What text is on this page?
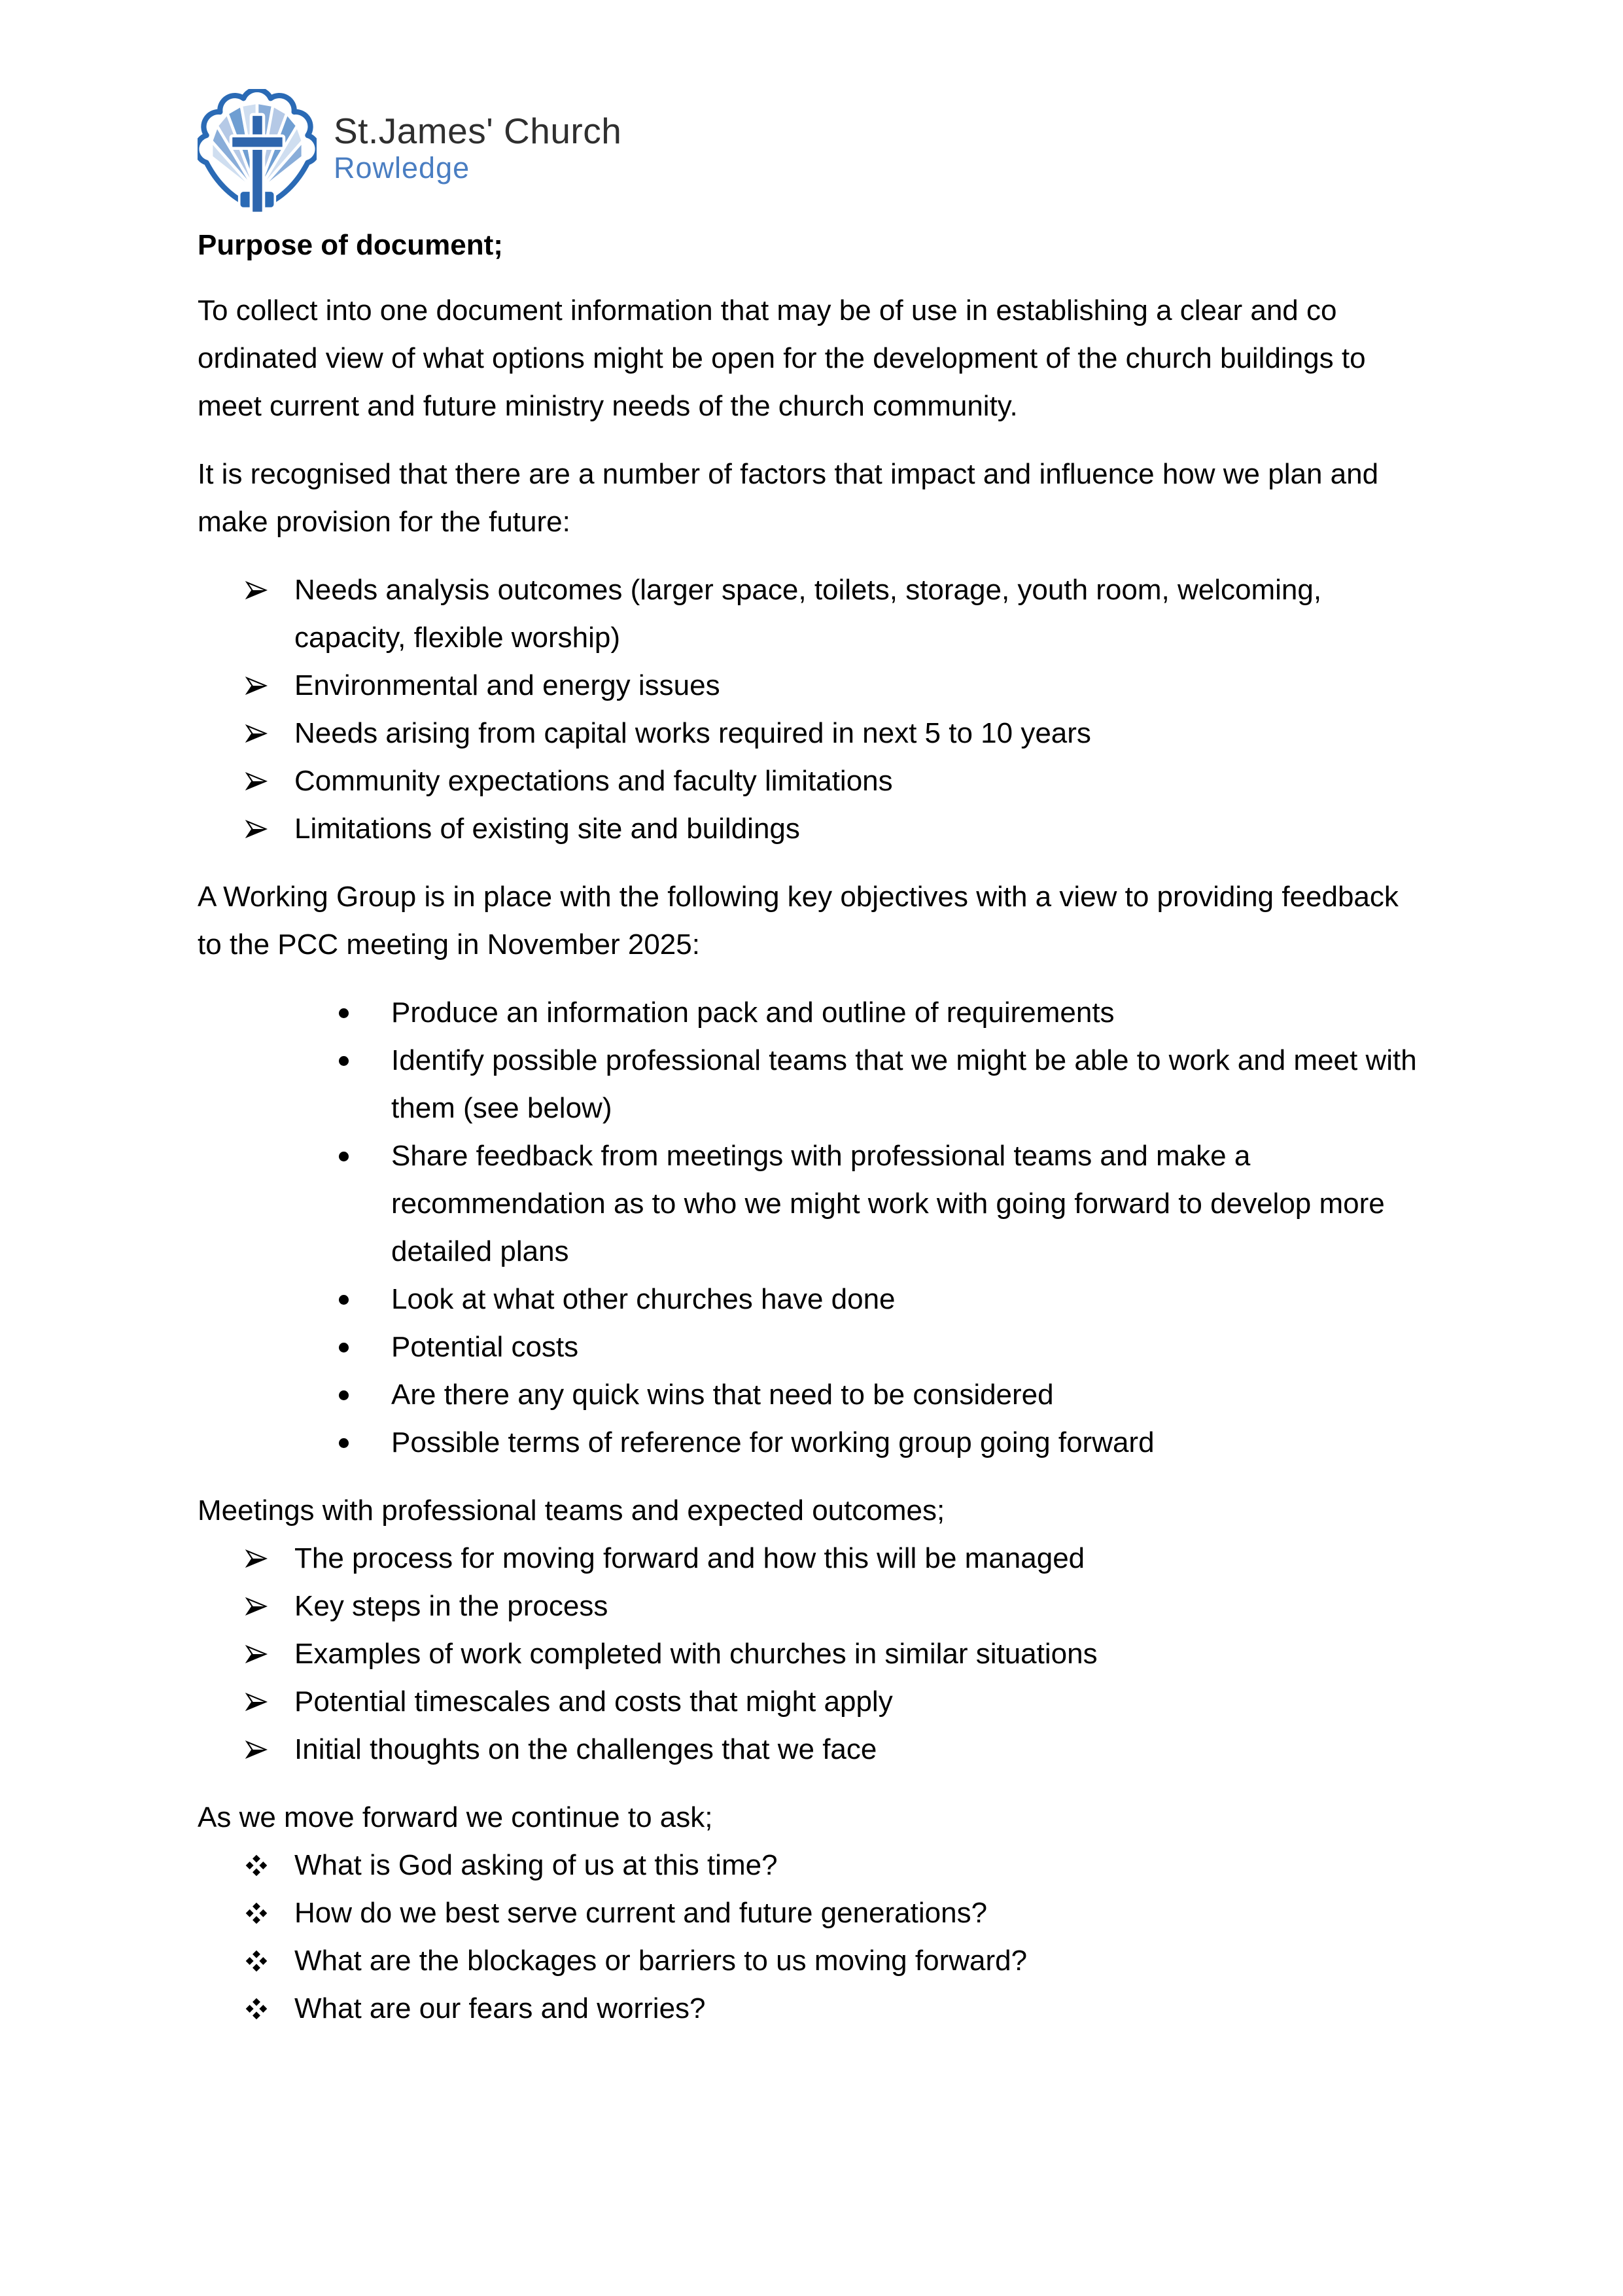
St.James' Church
Rowledge

Purpose of document;

To collect into one document information that may be of use in establishing a clear and co ordinated view of what options might be open for the development of the church buildings to meet current and future ministry needs of the church community.

It is recognised that there are a number of factors that impact and influence how we plan and make provision for the future:

Needs analysis outcomes (larger space, toilets, storage, youth room, welcoming, capacity, flexible worship)
Environmental and energy issues
Needs arising from capital works required in next 5 to 10 years
Community expectations and faculty limitations
Limitations of existing site and buildings

A Working Group is in place with the following key objectives with a view to providing feedback  to the PCC meeting in November 2025:

Produce an information pack and outline of requirements
Identify possible professional teams that we might be able to work and meet with them (see below)
Share feedback from meetings with professional teams and make a recommendation as to who we might work with going forward to develop more detailed plans
Look at what other churches have done
Potential costs
Are there any quick wins that need to be considered
Possible terms of reference for working group going forward

Meetings with professional teams and expected outcomes;

The process for moving forward and how this will be managed
Key steps in the process
Examples of work completed with churches in similar situations
Potential timescales and costs that might apply
Initial thoughts on the challenges that we face

As we move forward we continue to ask;

What is God asking of us at this time?
How do we best serve current and future generations?
What are the blockages or barriers to us moving forward?
What are our fears and worries?
